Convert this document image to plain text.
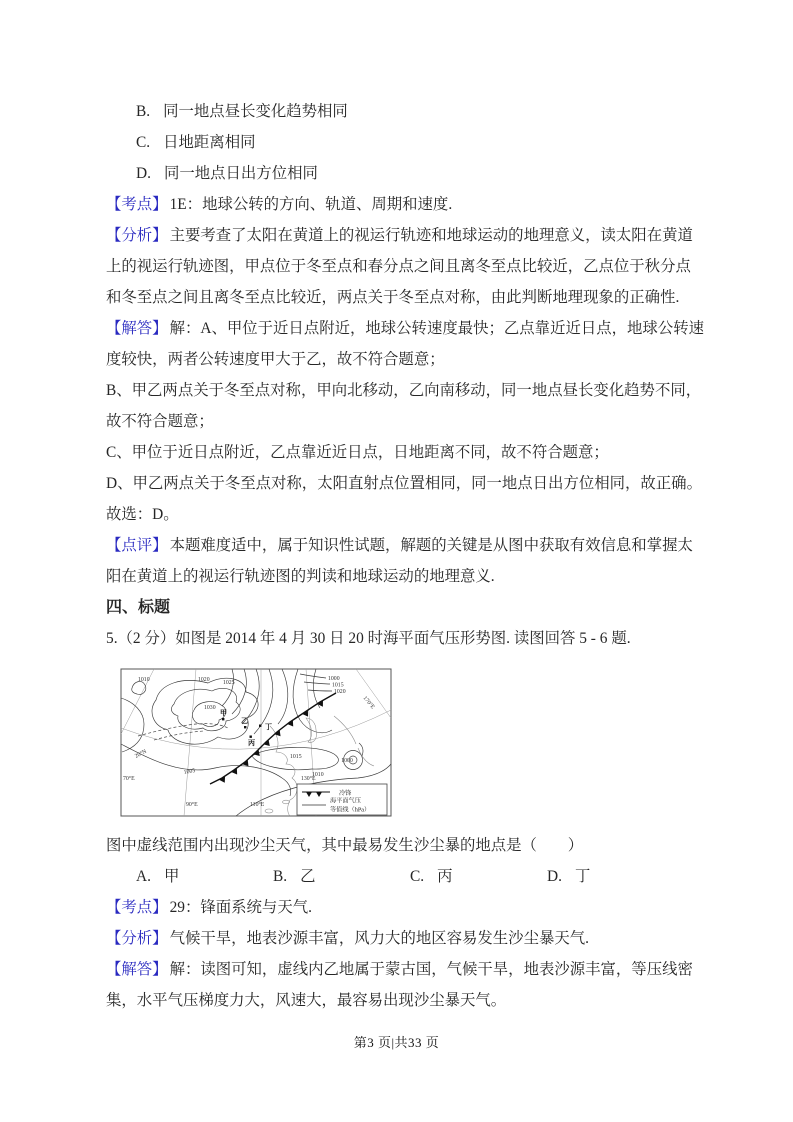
B. 同一地点昼长变化趋势相同
C. 日地距离相同
D. 同一地点日出方位相同
【考点】 1E：地球公转的方向、轨道、周期和速度.
【分析】 主要考查了太阳在黄道上的视运行轨迹和地球运动的地理意义，读太阳在黄道
上的视运行轨迹图，甲点位于冬至点和春分点之间且离冬至点比较近，乙点位于秋分点
和冬至点之间且离冬至点比较近，两点关于冬至点对称，由此判断地理现象的正确性.
【解答】 解：A、甲位于近日点附近，地球公转速度最快；乙点靠近近日点，地球公转速
度较快，两者公转速度甲大于乙，故不符合题意；
B、甲乙两点关于冬至点对称，甲向北移动，乙向南移动，同一地点昼长变化趋势不同，
故不符合题意；
C、甲位于近日点附近，乙点靠近近日点，日地距离不同，故不符合题意；
D、甲乙两点关于冬至点对称，太阳直射点位置相同，同一地点日出方位相同，故正确。
故选：D。
【点评】 本题难度适中，属于知识性试题，解题的关键是从图中获取有效信息和掌握太
阳在黄道上的视运行轨迹图的判读和地球运动的地理意义.
四、标题
5.（2 分）如图是 2014 年 4 月 30 日 20 时海平面气压形势图. 读图回答 5 - 6 题.
甲
乙
丙
丁
1010	1020 1025
1030
1000
1015
1020
1015
1000
1010
1005
70°E
90°E	110°E
130°E
170°E
20°N
冷锋
海平面气压
等值线（hPa）
图中虚线范围内出现沙尘天气，其中最易发生沙尘暴的地点是（　　）
A. 甲	B. 乙	C. 丙	D. 丁
【考点】 29：锋面系统与天气.
【分析】 气候干旱，地表沙源丰富，风力大的地区容易发生沙尘暴天气.
【解答】 解：读图可知，虚线内乙地属于蒙古国，气候干旱，地表沙源丰富，等压线密
集，水平气压梯度力大，风速大，最容易出现沙尘暴天气。
第3 页|共33 页
